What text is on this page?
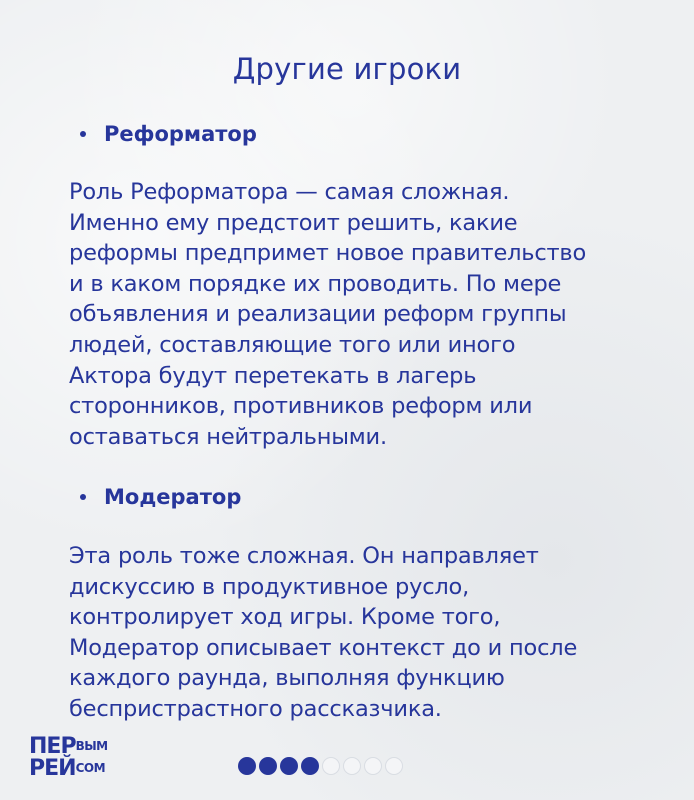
Другие игроки
Реформатор
Роль Реформатора — самая сложная.
Именно ему предстоит решить, какие
реформы предпримет новое правительство
и в каком порядке их проводить. По мере
объявления и реализации реформ группы
людей, составляющие того или иного
Актора будут перетекать в лагерь
сторонников, противников реформ или
оставаться нейтральными.
Модератор
Эта роль тоже сложная. Он направляет
дискуссию в продуктивное русло,
контролирует ход игры. Кроме того,
Модератор описывает контекст до и после
каждого раунда, выполняя функцию
беспристрастного рассказчика.
$ПЕР^{ВЫМ}$
$РЕЙ^{СОМ}$
